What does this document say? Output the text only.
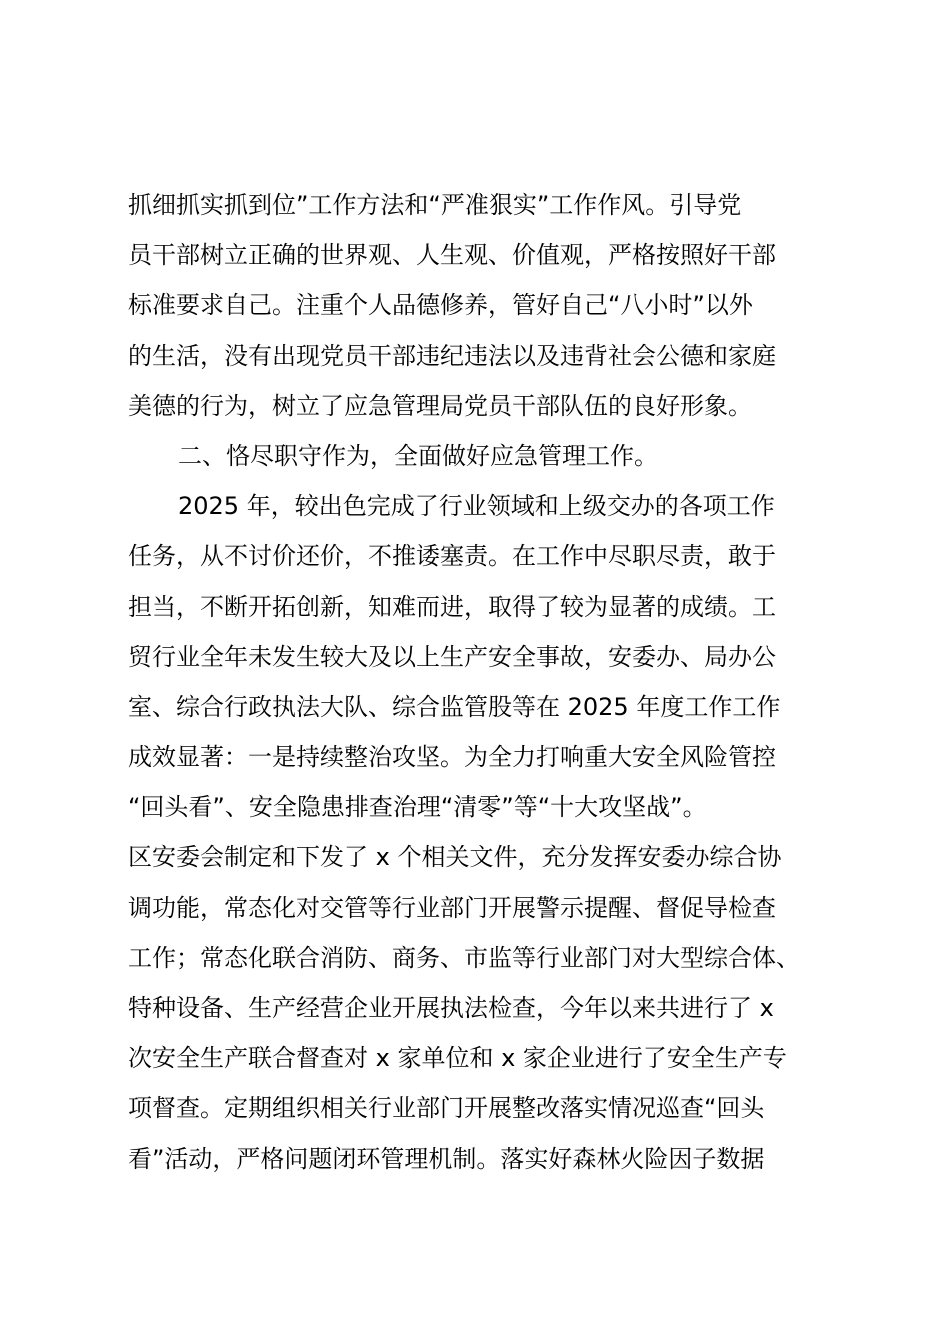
抓细抓实抓到位”工作方法和“严准狠实”工作作风。引导党
员干部树立正确的世界观、人生观、价值观，严格按照好干部
标准要求自己。注重个人品德修养，管好自己“八小时”以外
的生活，没有出现党员干部违纪违法以及违背社会公德和家庭
美德的行为，树立了应急管理局党员干部队伍的良好形象。
二、恪尽职守作为，全面做好应急管理工作。
2025 年，较出色完成了行业领域和上级交办的各项工作
任务，从不讨价还价，不推诿塞责。在工作中尽职尽责，敢于
担当，不断开拓创新，知难而进，取得了较为显著的成绩。工
贸行业全年未发生较大及以上生产安全事故，安委办、局办公
室、综合行政执法大队、综合监管股等在 2025 年度工作工作
成效显著：一是持续整治攻坚。为全力打响重大安全风险管控
“回头看”、安全隐患排查治理“清零”等“十大攻坚战”。
区安委会制定和下发了 x 个相关文件，充分发挥安委办综合协
调功能，常态化对交管等行业部门开展警示提醒、督促导检查
工作；常态化联合消防、商务、市监等行业部门对大型综合体、
特种设备、生产经营企业开展执法检查，今年以来共进行了 x
次安全生产联合督查对 x 家单位和 x 家企业进行了安全生产专
项督查。定期组织相关行业部门开展整改落实情况巡查“回头
看”活动，严格问题闭环管理机制。落实好森林火险因子数据
